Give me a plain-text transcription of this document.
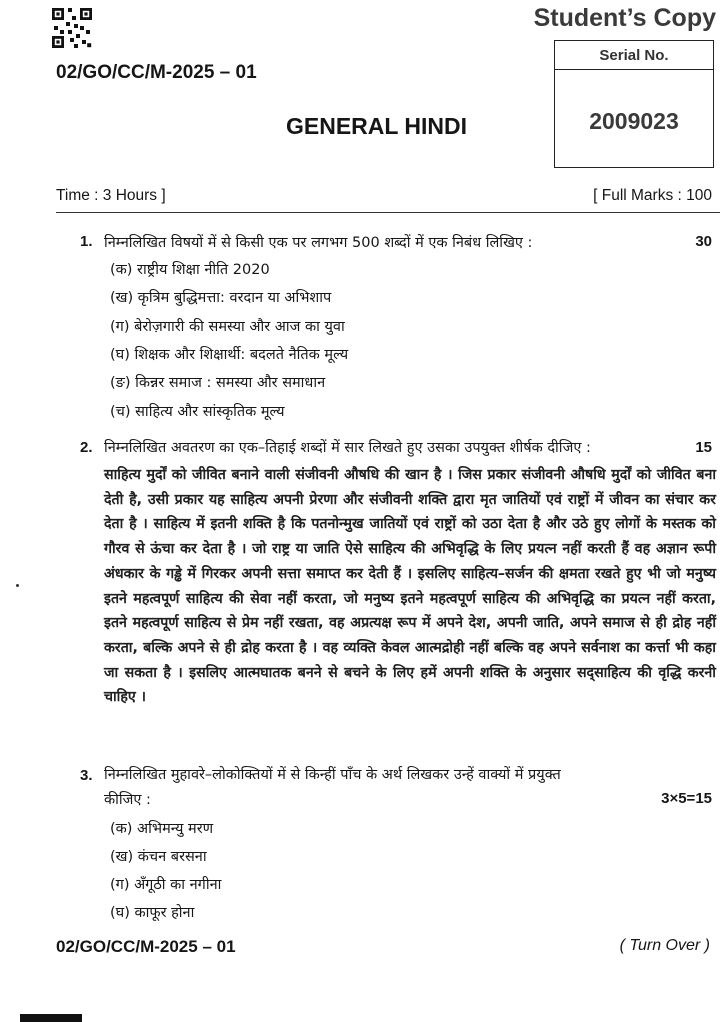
Student’s Copy
Serial No.
2009023
02/GO/CC/M-2025 – 01
GENERAL HINDI
Time : 3 Hours ]	[ Full Marks : 100
1. निम्नलिखित विषयों में से किसी एक पर लगभग 500 शब्दों में एक निबंध लिखिए :	30
(क) राष्ट्रीय शिक्षा नीति 2020
(ख) कृत्रिम बुद्धिमत्ता: वरदान या अभिशाप
(ग) बेरोज़गारी की समस्या और आज का युवा
(घ) शिक्षक और शिक्षार्थी: बदलते नैतिक मूल्य
(ङ) किन्नर समाज : समस्या और समाधान
(च) साहित्य और सांस्कृतिक मूल्य
2. निम्नलिखित अवतरण का एक–तिहाई शब्दों में सार लिखते हुए उसका उपयुक्त शीर्षक दीजिए :	15
साहित्य मुर्दों को जीवित बनाने वाली संजीवनी औषधि की खान है । जिस प्रकार संजीवनी औषधि मुर्दों को जीवित बना देती है, उसी प्रकार यह साहित्य अपनी प्रेरणा और संजीवनी शक्ति द्वारा मृत जातियों एवं राष्ट्रों में जीवन का संचार कर देता है । साहित्य में इतनी शक्ति है कि पतनोन्मुख जातियों एवं राष्ट्रों को उठा देता है और उठे हुए लोगों के मस्तक को गौरव से ऊंचा कर देता है । जो राष्ट्र या जाति ऐसे साहित्य की अभिवृद्धि के लिए प्रयत्न नहीं करती हैं वह अज्ञान रूपी अंधकार के गड्ढे में गिरकर अपनी सत्ता समाप्त कर देती हैं । इसलिए साहित्य–सर्जन की क्षमता रखते हुए भी जो मनुष्य इतने महत्वपूर्ण साहित्य की सेवा नहीं करता, जो मनुष्य इतने महत्वपूर्ण साहित्य की अभिवृद्धि का प्रयत्न नहीं करता, इतने महत्वपूर्ण साहित्य से प्रेम नहीं रखता, वह अप्रत्यक्ष रूप में अपने देश, अपनी जाति, अपने समाज से ही द्रोह नहीं करता, बल्कि अपने से ही द्रोह करता है । वह व्यक्ति केवल आत्मद्रोही नहीं बल्कि वह अपने सर्वनाश का कर्त्ता भी कहा जा सकता है । इसलिए आत्मघातक बनने से बचने के लिए हमें अपनी शक्ति के अनुसार सद्साहित्य की वृद्धि करनी चाहिए ।
3. निम्नलिखित मुहावरे–लोकोक्तियों में से किन्हीं पाँच के अर्थ लिखकर उन्हें वाक्यों में प्रयुक्त
कीजिए :	3×5=15
(क) अभिमन्यु मरण
(ख) कंचन बरसना
(ग) अँगूठी का नगीना
(घ) काफूर होना
02/GO/CC/M-2025 – 01	( Turn Over )
